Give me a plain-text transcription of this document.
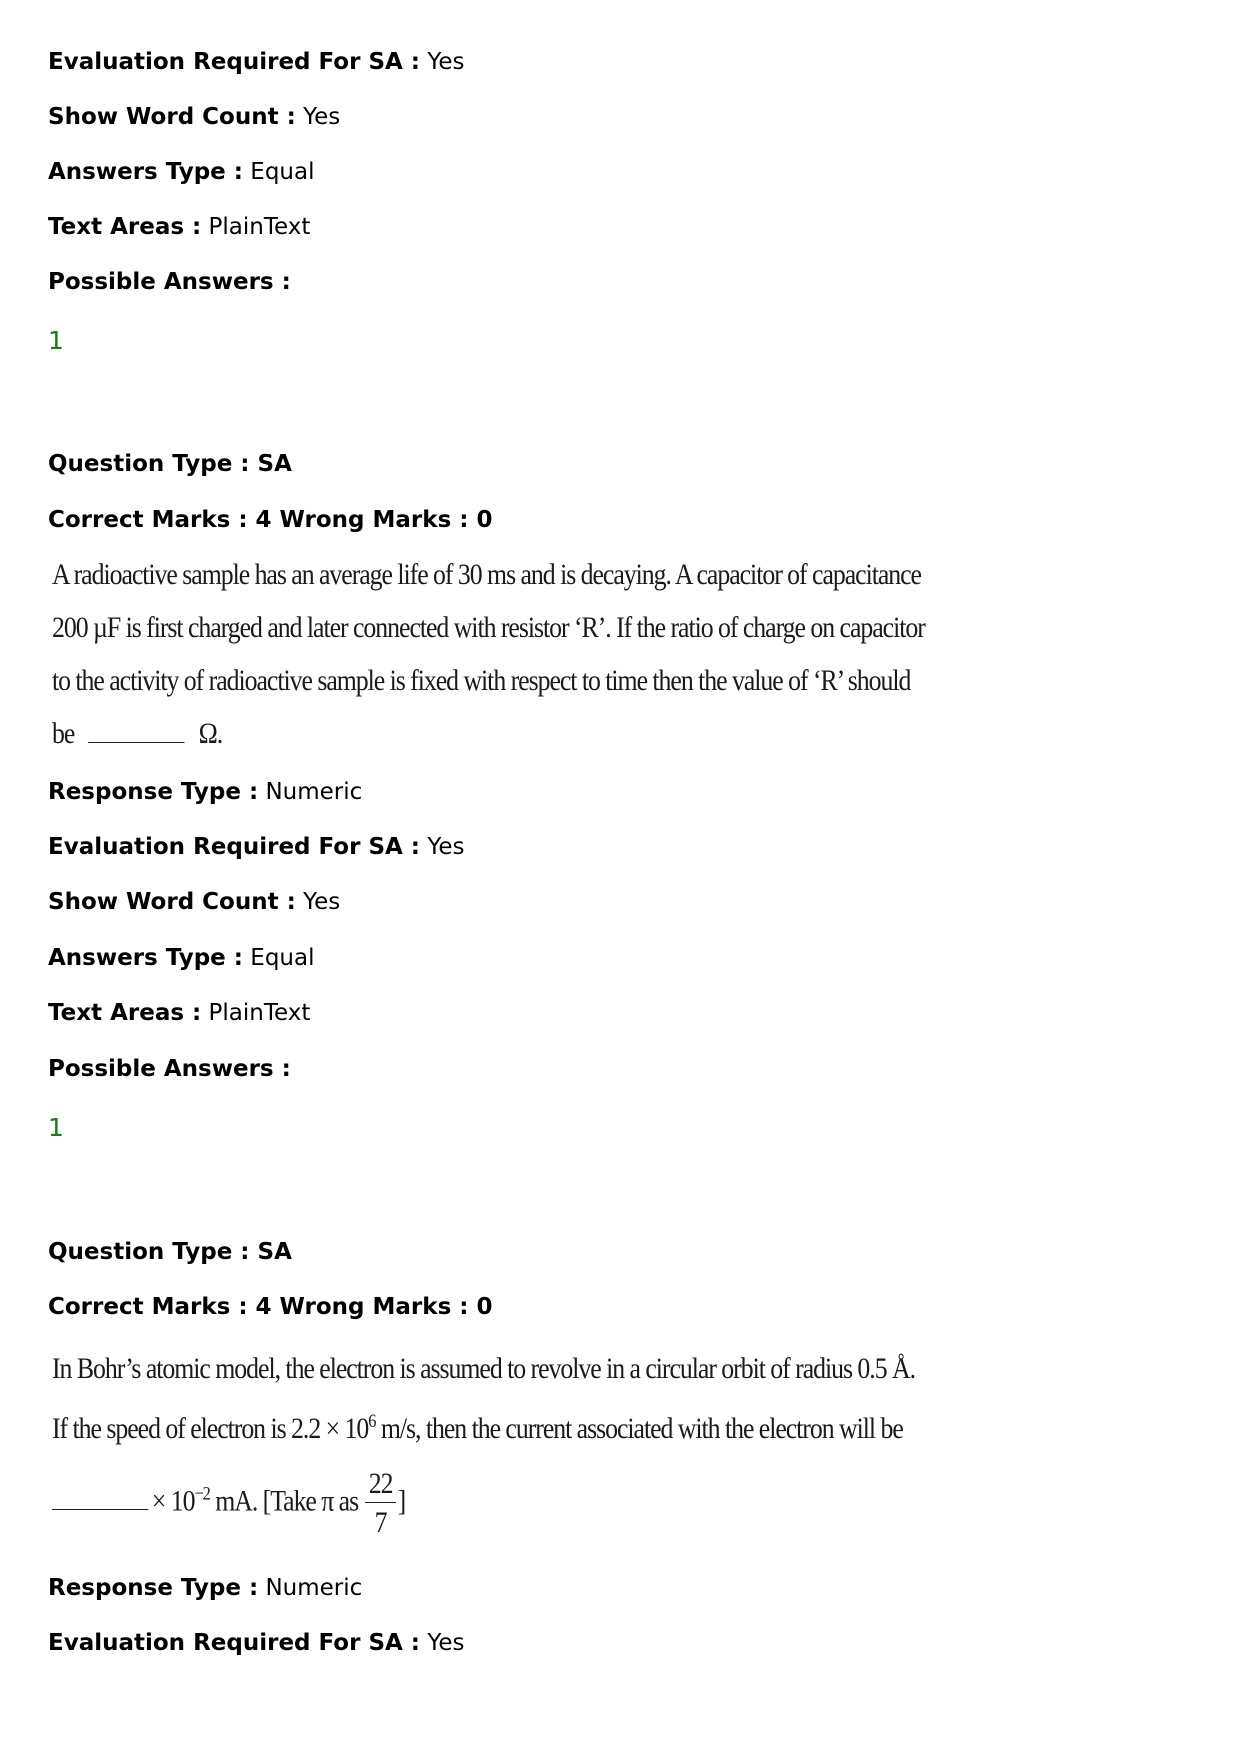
Evaluation Required For SA : Yes
Show Word Count : Yes
Answers Type : Equal
Text Areas : PlainText
Possible Answers :
1
Question Type : SA
Correct Marks : 4 Wrong Marks : 0
A radioactive sample has an average life of 30 ms and is decaying. A capacitor of capacitance
200 µF is first charged and later connected with resistor ‘R’. If the ratio of charge on capacitor
to the activity of radioactive sample is fixed with respect to time then the value of ‘R’ should
be	Ω.
Response Type : Numeric
Evaluation Required For SA : Yes
Show Word Count : Yes
Answers Type : Equal
Text Areas : PlainText
Possible Answers :
1
Question Type : SA
Correct Marks : 4 Wrong Marks : 0
In Bohr’s atomic model, the electron is assumed to revolve in a circular orbit of radius 0.5 Å.
If the speed of electron is $2.2 \times 10^6$ m/s, then the current associated with the electron will be
× $10^{-2}$ mA. [Take π as $\frac{22}{7}$ ]
Response Type : Numeric
Evaluation Required For SA : Yes
